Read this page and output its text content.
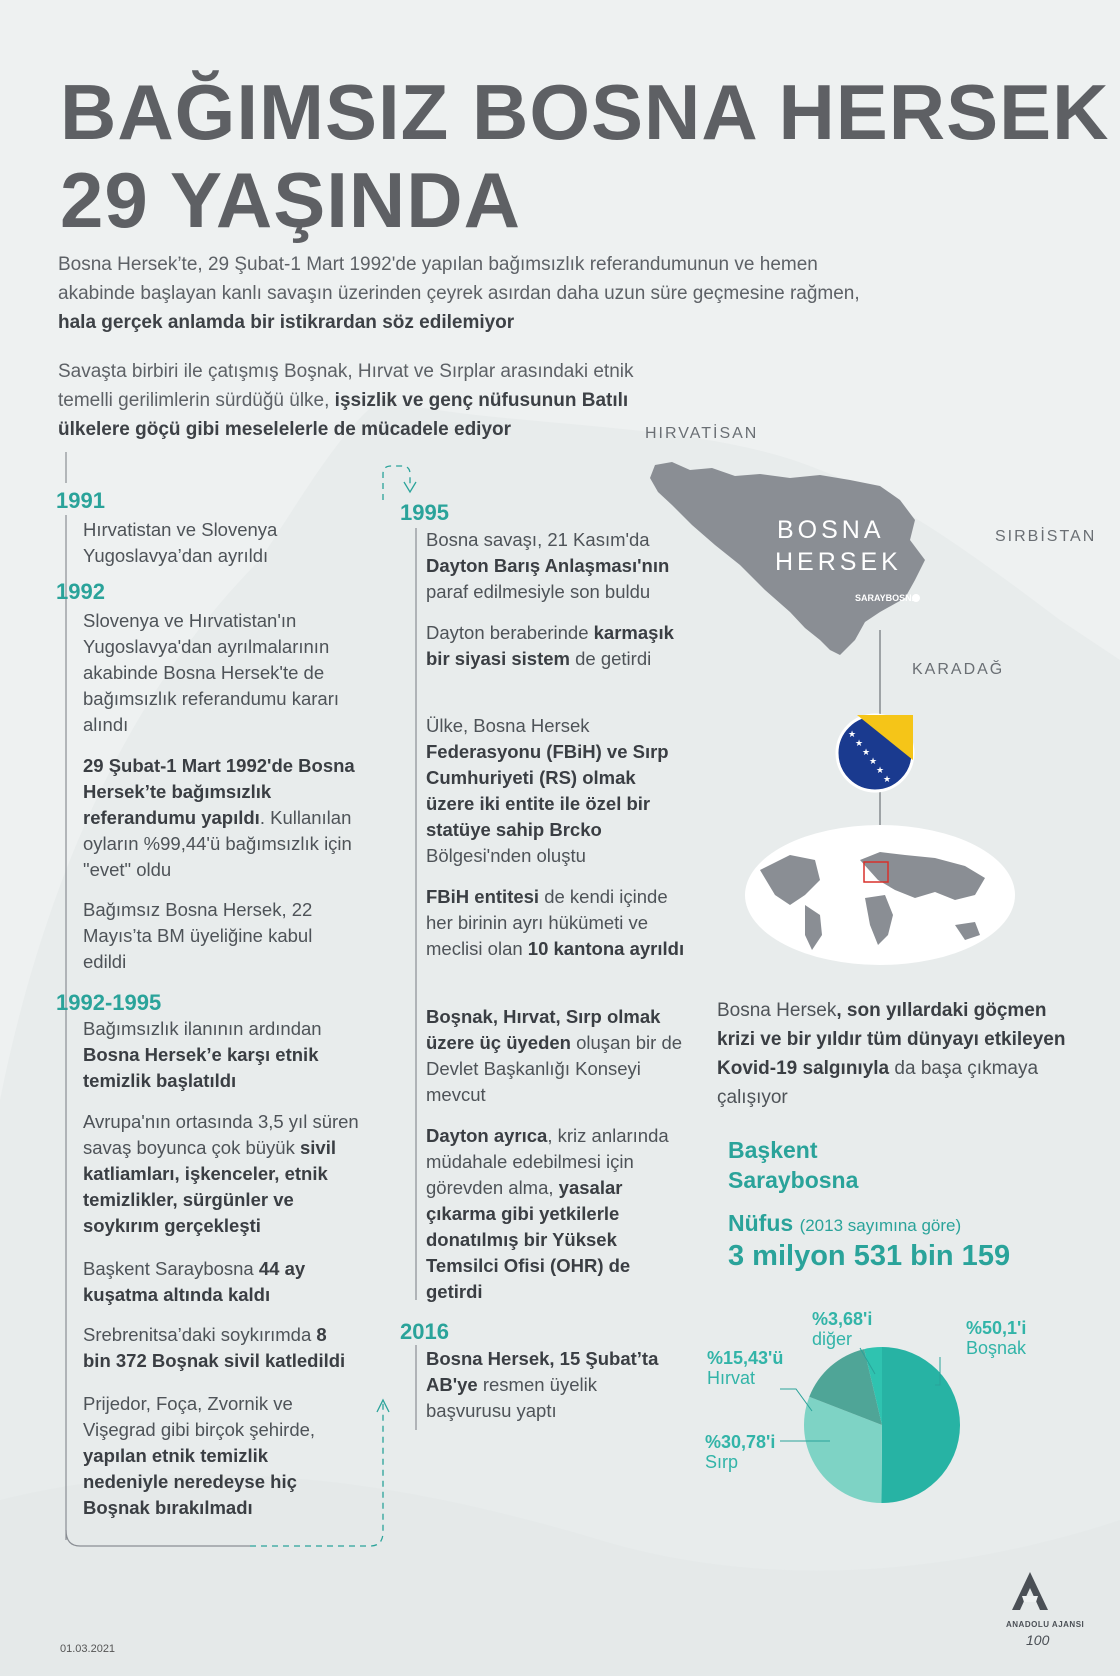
BAĞIMSIZ BOSNA HERSEK
29 YAŞINDA

Bosna Hersek’te, 29 Şubat-1 Mart 1992'de yapılan bağımsızlık referandumunun ve hemen akabinde başlayan kanlı savaşın üzerinden çeyrek asırdan daha uzun süre geçmesine rağmen, hala gerçek anlamda bir istikrardan söz edilemiyor

Savaşta birbiri ile çatışmış Boşnak, Hırvat ve Sırplar arasındaki etnik temelli gerilimlerin sürdüğü ülke, işsizlik ve genç nüfusunun Batılı ülkelere göçü gibi meselelerle de mücadele ediyor

1991

Hırvatistan ve Slovenya Yugoslavya’dan ayrıldı

1992

Slovenya ve Hırvatistan'ın Yugoslavya'dan ayrılmalarının akabinde Bosna Hersek'te de bağımsızlık referandumu kararı alındı

29 Şubat-1 Mart 1992'de Bosna Hersek’te bağımsızlık referandumu yapıldı. Kullanılan oyların %99,44'ü bağımsızlık için "evet" oldu

Bağımsız Bosna Hersek, 22 Mayıs’ta BM üyeliğine kabul edildi

1992-1995

Bağımsızlık ilanının ardından Bosna Hersek’e karşı etnik temizlik başlatıldı

Avrupa'nın ortasında 3,5 yıl süren savaş boyunca çok büyük sivil katliamları, işkenceler, etnik temizlikler, sürgünler ve soykırım gerçekleşti

Başkent Saraybosna 44 ay kuşatma altında kaldı

Srebrenitsa’daki soykırımda 8 bin 372 Boşnak sivil katledildi

Prijedor, Foça, Zvornik ve Vişegrad gibi birçok şehirde, yapılan etnik temizlik nedeniyle neredeyse hiç Boşnak bırakılmadı

1995

Bosna savaşı, 21 Kasım'da Dayton Barış Anlaşması'nın paraf edilmesiyle son buldu

Dayton beraberinde karmaşık bir siyasi sistem de getirdi

Ülke, Bosna Hersek Federasyonu (FBiH) ve Sırp Cumhuriyeti (RS) olmak üzere iki entite ile özel bir statüye sahip Brcko Bölgesi'nden oluştu

FBiH entitesi de kendi içinde her birinin ayrı hükümeti ve meclisi olan 10 kantona ayrıldı

Boşnak, Hırvat, Sırp olmak üzere üç üyeden oluşan bir de Devlet Başkanlığı Konseyi mevcut

Dayton ayrıca, kriz anlarında müdahale edebilmesi için görevden alma, yasalar çıkarma gibi yetkilerle donatılmış bir Yüksek Temsilci Ofisi (OHR) de getirdi

2016

Bosna Hersek, 15 Şubat’ta AB'ye resmen üyelik başvurusu yaptı

★
★
★
★
★
★
HIRVATİSAN
SIRBİSTAN
KARADAĞ
BOSNA
HERSEK
SARAYBOSNA

Bosna Hersek, son yıllardaki göçmen krizi ve bir yıldır tüm dünyayı etkileyen Kovid-19 salgınıyla da başa çıkmaya çalışıyor

Başkent
Saraybosna
Nüfus (2013 sayımına göre)
3 milyon 531 bin 159
%50,1'i
Boşnak
%3,68'i
diğer
%15,43'ü
Hırvat
%30,78'i
Sırp
01.03.2021
ANADOLU AJANSI
100
